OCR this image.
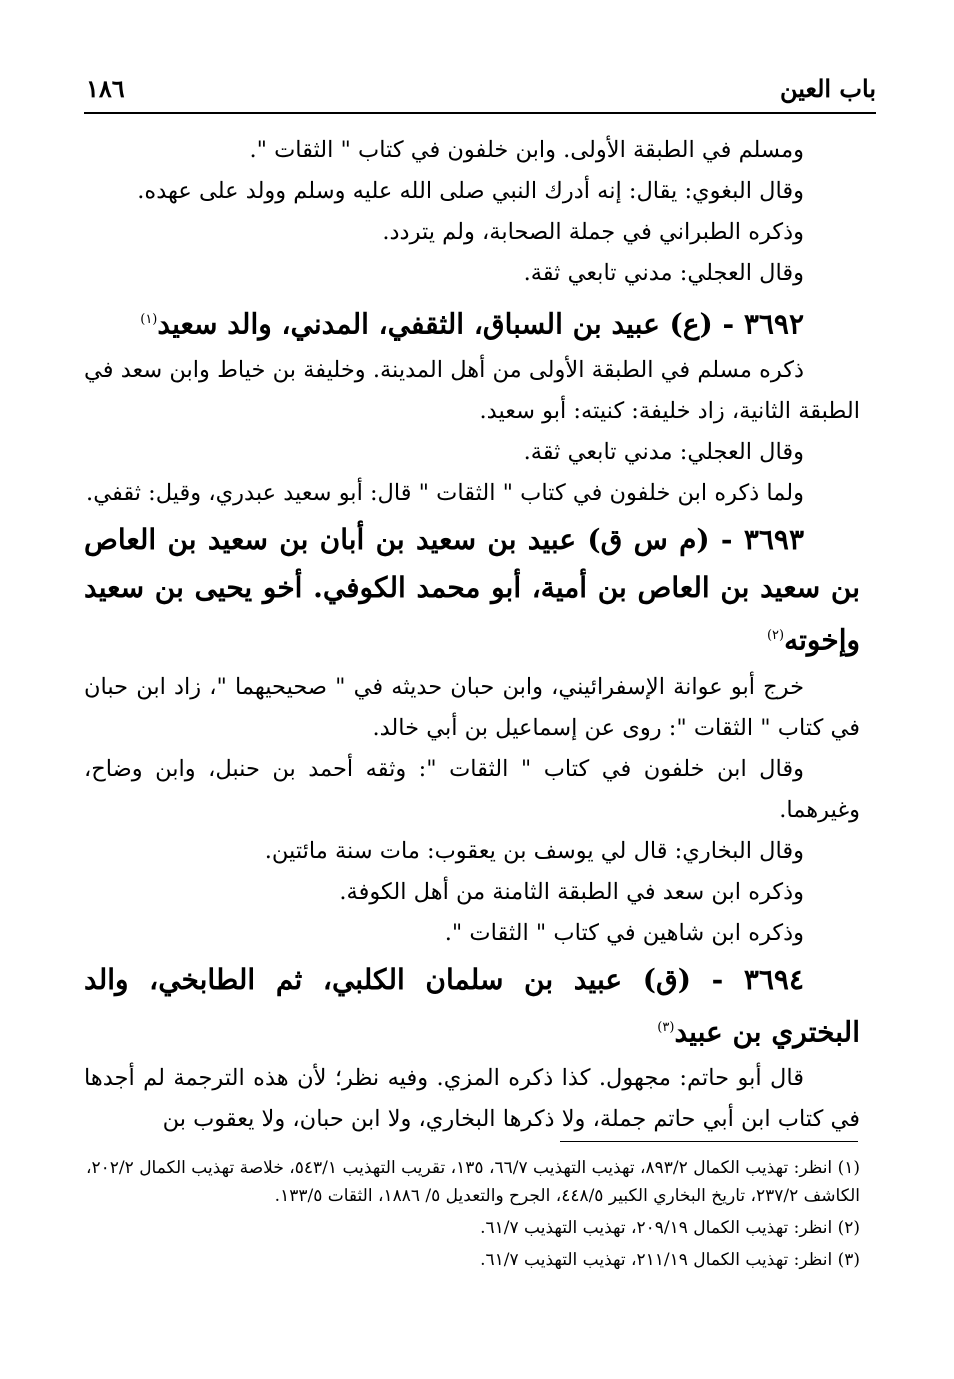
باب العين
١٨٦

ومسلم في الطبقة الأولى. وابن خلفون في كتاب " الثقات ".

وقال البغوي: يقال: إنه أدرك النبي صلى الله عليه وسلم وولد على عهده.

وذكره الطبراني في جملة الصحابة، ولم يتردد.

وقال العجلي: مدني تابعي ثقة.

٣٦٩٢ - (ع) عبيد بن السباق، الثقفي، المدني، والد سعيد$^{(١)}$

ذكره مسلم في الطبقة الأولى من أهل المدينة. وخليفة بن خياط وابن سعد في الطبقة الثانية، زاد خليفة: كنيته: أبو سعيد.

وقال العجلي: مدني تابعي ثقة.

ولما ذكره ابن خلفون في كتاب " الثقات " قال: أبو سعيد عبدري، وقيل: ثقفي.

٣٦٩٣ - (م س ق) عبيد بن سعيد بن أبان بن سعيد بن العاص بن سعيد بن العاص بن أمية، أبو محمد الكوفي. أخو يحيى بن سعيد وإخوته$^{(٢)}$

خرج أبو عوانة الإسفرائيني، وابن حبان حديثه في " صحيحيهما "، زاد ابن حبان في كتاب " الثقات ": روى عن إسماعيل بن أبي خالد.

وقال ابن خلفون في كتاب " الثقات ": وثقه أحمد بن حنبل، وابن وضاح، وغيرهما.

وقال البخاري: قال لي يوسف بن يعقوب: مات سنة مائتين.

وذكره ابن سعد في الطبقة الثامنة من أهل الكوفة.

وذكره ابن شاهين في كتاب " الثقات ".

٣٦٩٤ - (ق) عبيد بن سلمان الكلبي، ثم الطابخي، والد البختري بن عبيد$^{(٣)}$

قال أبو حاتم: مجهول. كذا ذكره المزي. وفيه نظر؛ لأن هذه الترجمة لم أجدها في كتاب ابن أبي حاتم جملة، ولا ذكرها البخاري، ولا ابن حبان، ولا يعقوب بن

(١) انظر: تهذيب الكمال ٨٩٣/٢، تهذيب التهذيب ٦٦/٧، ١٣٥، تقريب التهذيب ٥٤٣/١، خلاصة تهذيب الكمال ٢٠٢/٢، الكاشف ٢٣٧/٢، تاريخ البخاري الكبير ٤٤٨/٥، الجرح والتعديل ٥/ ١٨٨٦، الثقات ١٣٣/٥.

(٢) انظر: تهذيب الكمال ٢٠٩/١٩، تهذيب التهذيب ٦١/٧.

(٣) انظر: تهذيب الكمال ٢١١/١٩، تهذيب التهذيب ٦١/٧.
